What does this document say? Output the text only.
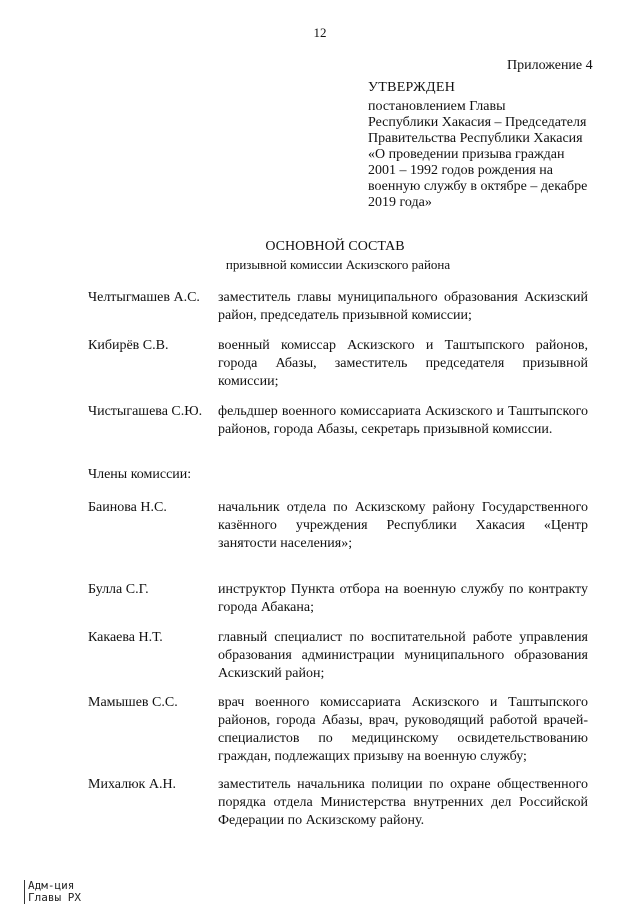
12
Приложение 4
УТВЕРЖДЕН
постановлением Главы
Республики Хакасия – Председателя
Правительства Республики Хакасия
«О проведении призыва граждан
2001 – 1992 годов рождения на
военную службу в октябре – декабре
2019 года»
ОСНОВНОЙ СОСТАВ
призывной комиссии Аскизского района
Челтыгмашев А.С. заместитель главы муниципального образования Аскизский район, председатель призывной комиссии;
Кибирёв С.В.	военный комиссар Аскизского и Таштыпского районов, города Абазы, заместитель председателя призывной комиссии;
Чистыгашева С.Ю. фельдшер военного комиссариата Аскизского и Таштыпского районов, города Абазы, секретарь призывной комиссии.
Члены комиссии:
Баинова Н.С.	начальник отдела по Аскизскому району Государственного казённого учреждения Республики Хакасия «Центр занятости населения»;
Булла С.Г.	инструктор Пункта отбора на военную службу по контракту города Абакана;
Какаева Н.Т.	главный специалист по воспитательной работе управления образования администрации муниципального образования Аскизский район;
Мамышев С.С.	врач военного комиссариата Аскизского и Таштыпского районов, города Абазы, врач, руководящий работой врачей-специалистов по медицинскому освидетельствованию граждан, подлежащих призыву на военную службу;
Михалюк А.Н.	заместитель начальника полиции по охране общественного порядка отдела Министерства внутренних дел Российской Федерации по Аскизскому району.
Адм-ция
Главы РХ
